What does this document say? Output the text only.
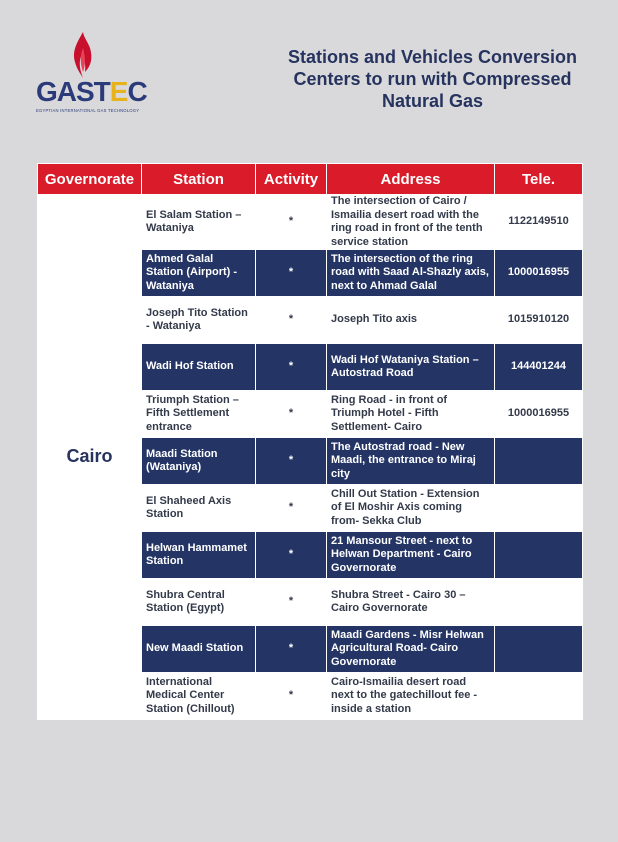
GASTEC
EGYPTIAN INTERNATIONAL GAS TECHNOLOGY
Stations and Vehicles Conversion
Centers to run with Compressed
Natural Gas
Governorate	Station	Activity	Address	Tele.
Cairo	El Salam Station – Wataniya	*	The intersection of Cairo / Ismailia desert road with the ring road in front of the tenth service station	1122149510
	Ahmed Galal Station (Airport) - Wataniya	*	The intersection of the ring road with Saad Al-Shazly axis, next to Ahmad Galal	1000016955
	Joseph Tito Station - Wataniya	*	Joseph Tito axis	1015910120
	Wadi Hof Station	*	Wadi Hof Wataniya Station – Autostrad Road	144401244
	Triumph Station – Fifth Settlement entrance	*	Ring Road - in front of Triumph Hotel - Fifth Settlement- Cairo	1000016955
	Maadi Station (Wataniya)	*	The Autostrad road - New Maadi, the entrance to Miraj city	
	El Shaheed Axis Station	*	Chill Out Station - Extension of El Moshir Axis coming from- Sekka Club	
	Helwan Hammamet Station	*	21 Mansour Street - next to Helwan Department - Cairo Governorate	
	Shubra Central Station (Egypt)	*	Shubra Street - Cairo 30 – Cairo Governorate	
	New Maadi Station	*	Maadi Gardens - Misr Helwan Agricultural Road- Cairo Governorate	
	International Medical Center Station (Chillout)	*	Cairo-Ismailia desert road next to the gatechillout fee - inside a station	
